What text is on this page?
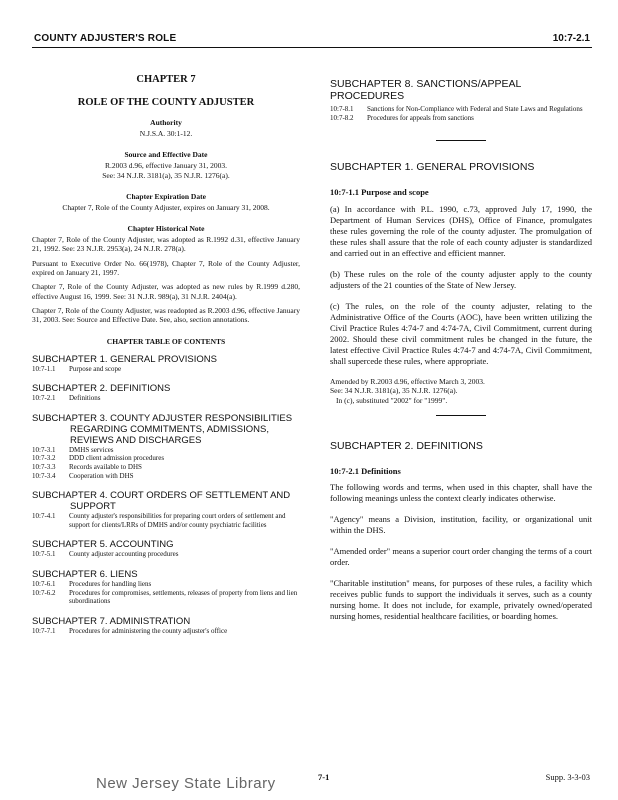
COUNTY ADJUSTER'S ROLE	10:7-2.1
CHAPTER 7
ROLE OF THE COUNTY ADJUSTER
Authority
N.J.S.A. 30:1-12.
Source and Effective Date
R.2003 d.96, effective January 31, 2003.
See: 34 N.J.R. 3181(a), 35 N.J.R. 1276(a).
Chapter Expiration Date
Chapter 7, Role of the County Adjuster, expires on January 31, 2008.
Chapter Historical Note

Chapter 7, Role of the County Adjuster, was adopted as R.1992 d.31, effective January 21, 1992. See: 23 N.J.R. 2953(a), 24 N.J.R. 278(a).

Pursuant to Executive Order No. 66(1978), Chapter 7, Role of the County Adjuster, expired on January 21, 1997.

Chapter 7, Role of the County Adjuster, was adopted as new rules by R.1999 d.280, effective August 16, 1999. See: 31 N.J.R. 989(a), 31 N.J.R. 2404(a).

Chapter 7, Role of the County Adjuster, was readopted as R.2003 d.96, effective January 31, 2003. See: Source and Effective Date. See, also, section annotations.

CHAPTER TABLE OF CONTENTS
SUBCHAPTER 1. GENERAL PROVISIONS
10:7-1.1	Purpose and scope
SUBCHAPTER 2. DEFINITIONS
10:7-2.1	Definitions
SUBCHAPTER 3. COUNTY ADJUSTER RESPONSIBILITIES REGARDING COMMITMENTS, ADMISSIONS, REVIEWS AND DISCHARGES
10:7-3.1	DMHS services
10:7-3.2	DDD client admission procedures
10:7-3.3	Records available to DHS
10:7-3.4	Cooperation with DHS
SUBCHAPTER 4. COURT ORDERS OF SETTLEMENT AND SUPPORT
10:7-4.1	County adjuster's responsibilities for preparing court orders of settlement and support for clients/LRRs of DMHS and/or county psychiatric facilities
SUBCHAPTER 5. ACCOUNTING
10:7-5.1	County adjuster accounting procedures
SUBCHAPTER 6. LIENS
10:7-6.1	Procedures for handling liens
10:7-6.2	Procedures for compromises, settlements, releases of property from liens and lien subordinations
SUBCHAPTER 7. ADMINISTRATION
10:7-7.1	Procedures for administering the county adjuster's office
SUBCHAPTER 8. SANCTIONS/APPEAL PROCEDURES
10:7-8.1	Sanctions for Non-Compliance with Federal and State Laws and Regulations
10:7-8.2	Procedures for appeals from sanctions
SUBCHAPTER 1. GENERAL PROVISIONS
10:7-1.1 Purpose and scope

(a) In accordance with P.L. 1990, c.73, approved July 17, 1990, the Department of Human Services (DHS), Office of Finance, promulgates these rules governing the role of the county adjuster. The promulgation of these rules shall assure that the role of each county adjuster is standardized and carried out in an effective and efficient manner.

(b) These rules on the role of the county adjuster apply to the county adjusters of the 21 counties of the State of New Jersey.

(c) The rules, on the role of the county adjuster, relating to the Administrative Office of the Courts (AOC), have been written utilizing the Civil Practice Rules 4:74-7 and 4:74-7A, Civil Commitment, current during 2002. Should these civil commitment rules be changed in the future, the latest effective Civil Practice Rules 4:74-7 and 4:74-7A, Civil Commitment, shall supercede these rules, where appropriate.

Amended by R.2003 d.96, effective March 3, 2003.
See: 34 N.J.R. 3181(a), 35 N.J.R. 1276(a).
In (c), substituted "2002" for "1999".
SUBCHAPTER 2. DEFINITIONS
10:7-2.1 Definitions

The following words and terms, when used in this chapter, shall have the following meanings unless the context clearly indicates otherwise.

"Agency" means a Division, institution, facility, or organizational unit within the DHS.

"Amended order" means a superior court order changing the terms of a court order.

"Charitable institution" means, for purposes of these rules, a facility which receives public funds to support the individuals it serves, such as a county nursing home. It does not include, for example, privately owned/operated nursing homes, residential healthcare facilities, or boarding homes.

New Jersey State Library	7-1	Supp. 3-3-03
